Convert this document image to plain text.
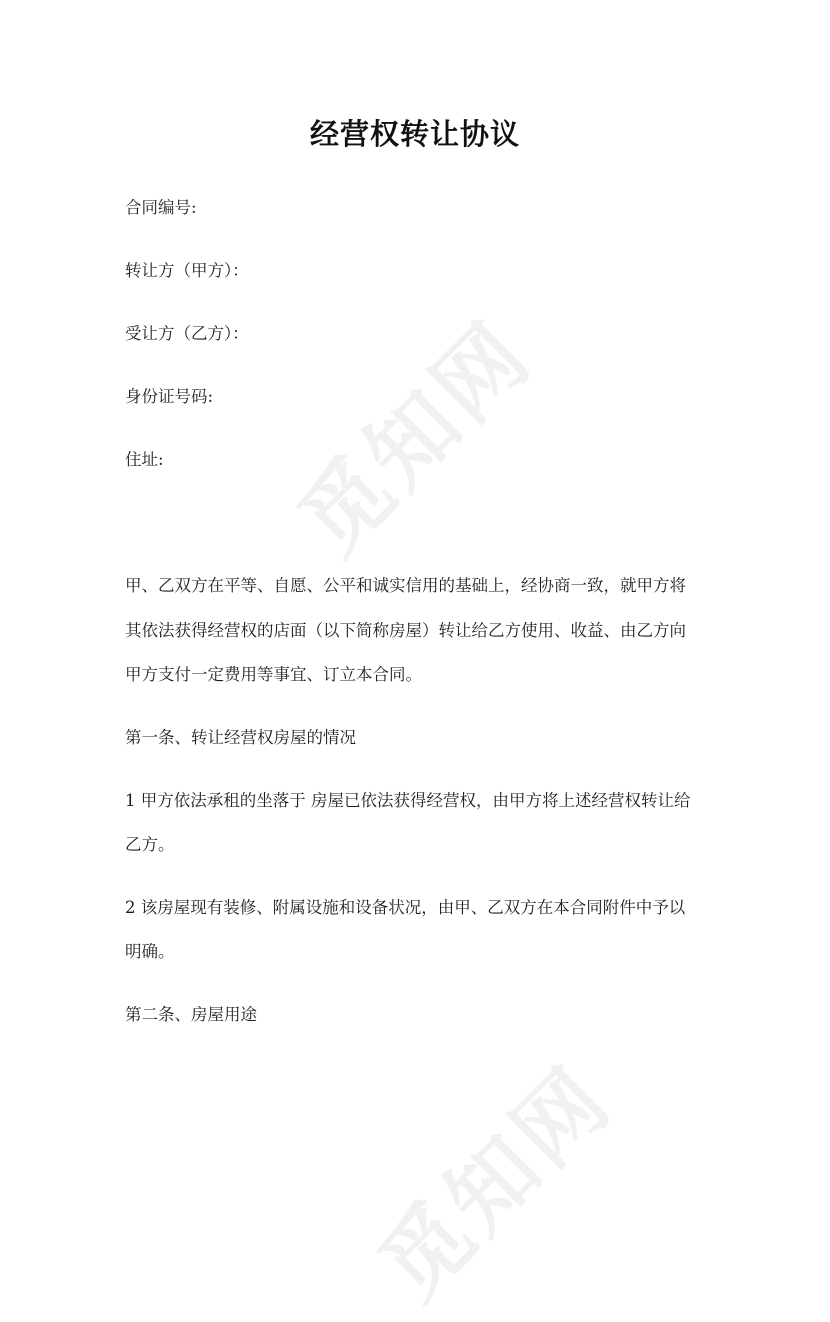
觅知网
觅知网
经营权转让协议
合同编号:
转让方（甲方）：
受让方（乙方）：
身份证号码:
住址:
甲、乙双方在平等、自愿、公平和诚实信用的基础上，经协商一致，就甲方将
其依法获得经营权的店面（以下简称房屋）转让给乙方使用、收益、由乙方向
甲方支付一定费用等事宜、订立本合同。
第一条、转让经营权房屋的情况
1 甲方依法承租的坐落于 房屋已依法获得经营权，由甲方将上述经营权转让给
乙方。
2 该房屋现有装修、附属设施和设备状况，由甲、乙双方在本合同附件中予以
明确。
第二条、房屋用途
